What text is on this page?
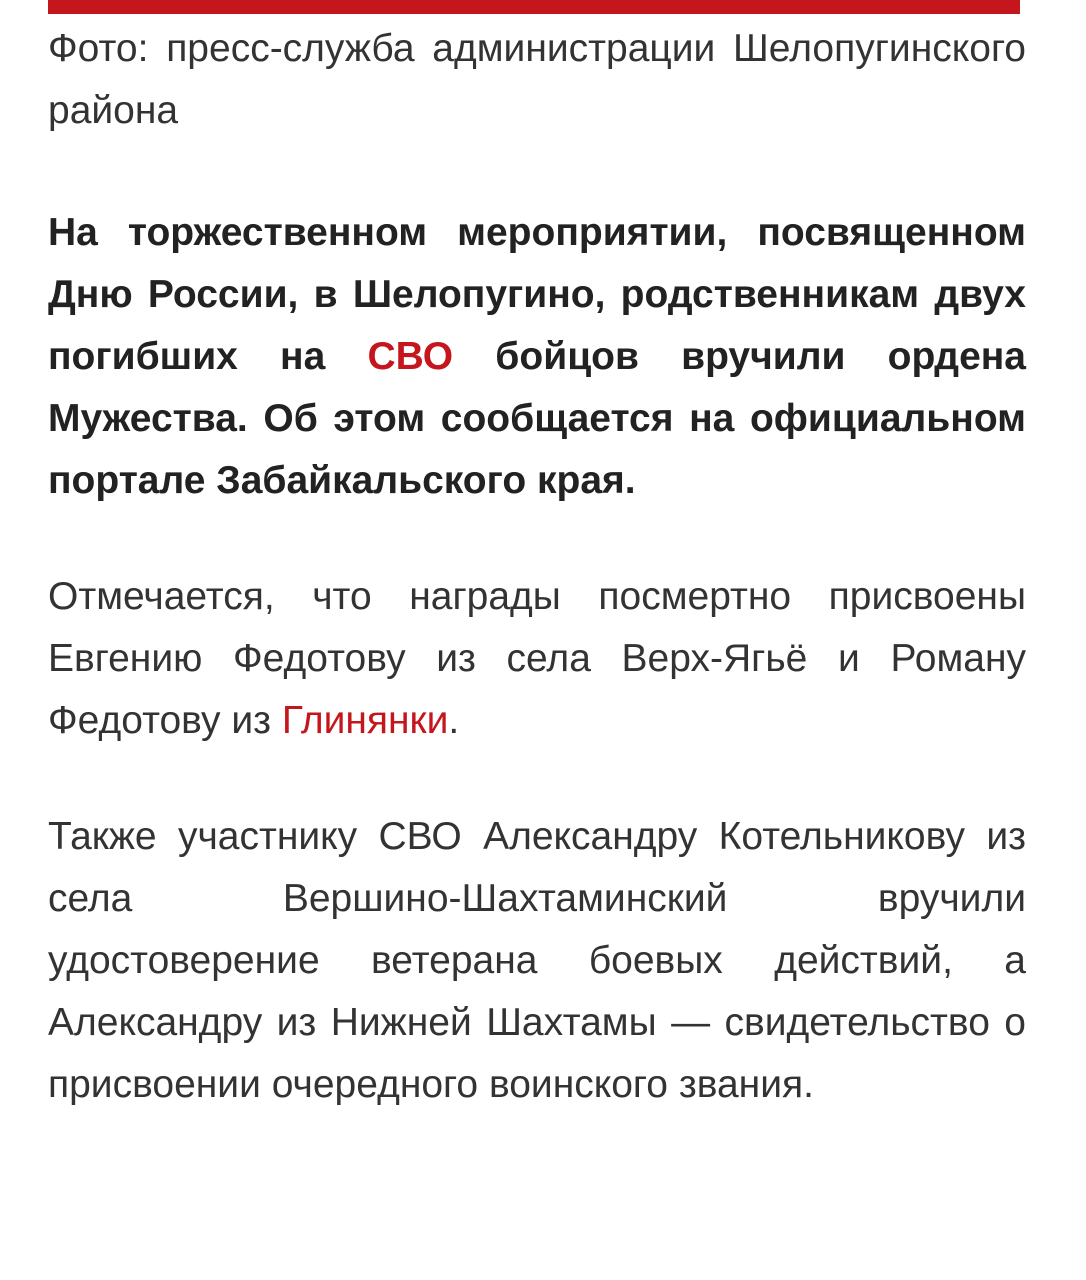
Фото: пресс-служба администрации Шелопугинского района

На торжественном мероприятии, посвященном Дню России, в Шелопугино, родственникам двух погибших на СВО бойцов вручили ордена Мужества. Об этом сообщается на официальном портале Забайкальского края.

Отмечается, что награды посмертно присвоены Евгению Федотову из села Верх-Ягьё и Роману Федотову из Глинянки.

Также участнику СВО Александру Котельникову из села Вершино-Шахтаминский вручили удостоверение ветерана боевых действий, а Александру из Нижней Шахтамы — свидетельство о присвоении очередного воинского звания.
